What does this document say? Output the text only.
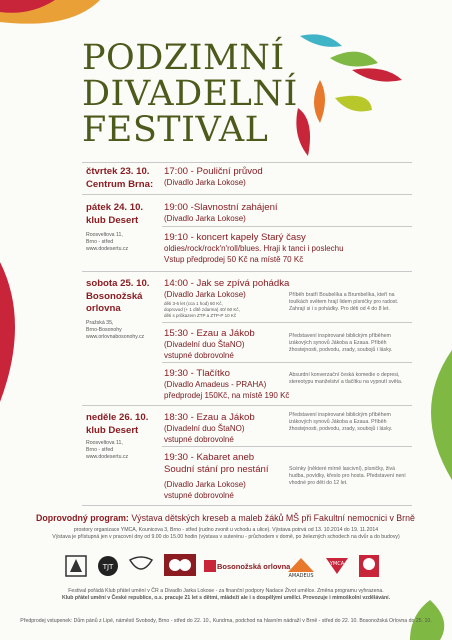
PODZIMNÍ
DIVADELNÍ
FESTIVAL
čtvrtek 23. 10.
Centrum Brna:
17:00 - Pouliční průvod
(Divadlo Jarka Lokose)
pátek 24. 10.
klub Desert
Roosveltova 11,
Brno - střed
www.dodesertu.cz
19:00 -Slavnostní zahájení
(Divadlo Jarka Lokose)
19:10 - koncert kapely Starý časy
oldies/rock/rock'n'roll/blues. Hraji k tanci i poslechu
Vstup předprodej 50 Kč na místě 70 Kč
sobota 25. 10.
Bosonožská
orlovna
Pražská 35,
Brno-Bosonohy
www.orlovnabosonohy.cz
14:00 - Jak se zpívá pohádka
(Divadlo Jarka Lokose)
děti 3-6 let (cca 1 hod) 60 Kč,
doprovod (+ 1 dítě zdarma) 40/ 60 Kč,
děti s průkazem ZTP a ZTP-P 10 Kč
Příběh bratří Boubelíka a Brumbelíka, kteří na toulkách světem hrají lidem písničky pro radost. Zahrají si i s pohádky. Pro děti od 4 do 8 let.
15:30 - Ezau a Jákob
(Divadelní duo ŠtaNO)
vstupné dobrovolné
Představení inspirované biblickým příběhem izákových synovů Jákoba a Ezaua. Příběh žhostejnosti, podvodu, zrady, soubojů i lásky.
19:30 - Tlačítko
(Divadlo Amadeus - PRAHA)
předprodej 150Kč, na místě 190 Kč
Absurdní konverzační česká komedie o depresi, stereotypu manželství a tlačítku na vypnutí světa.
neděle 26. 10.
klub Desert
Roosveltova 11,
Brno - střed
www.dodesertu.cz
18:30 - Ezau a Jákob
(Divadelní duo ŠtaNO)
vstupné dobrovolné
Představení inspirované biblickým příběhem izákových synovů Jákoba a Ezaua. Příběh žhostejnosti, podvodu, zrady, soubojů i lásky.
19:30 - Kabaret aneb
Soudní stání pro nestání
(Divadlo Jarka Lokose)
vstupné dobrovolné
Scénky (některé mírně lascivní), písničky, živá hudba, povídky, křeslo pro hosta. Představení není vhodné pro děti do 12 let.
Doprovodný program: Výstava dětských kreseb a maleb žáků MŠ při Fakultní nemocnici v Brně
prostory organizace YMCA, Kounicova 3, Brno - střed (rudno zvonit u vchodu a ulice). Výstava potrvá od 13. 10.2014 do 19. 11.2014
Výstava je přístupná jen v pracovní dny od 9.00 do 15.00 hodin (výstava v suterénu - průchodem v domě, po železných schodech na dvůr a do budovy)
TJT	Bosonožská orlovna
AMADEUS
YMCA
Festival pořádá Klub přátel umění v ČR a Divadlo Jarka Lokose - za finanční podpory Nadace Život umělce. Změna programu vyhrazena.
Klub přátel umění v České republice, o.s. pracuje 21 let s dětmi, mládeží ale i s dospělými umělci. Provozuje i mimoškolní vzdělávání.
Předprodej vstupenek: Dům pánů z Lipé, náměstí Svobody, Brno - střed do 22. 10., Kundrna, podchod na hlavním nádraží v Brně - střed do 22. 10. Bosonožská Orlovna do 25. 10.
